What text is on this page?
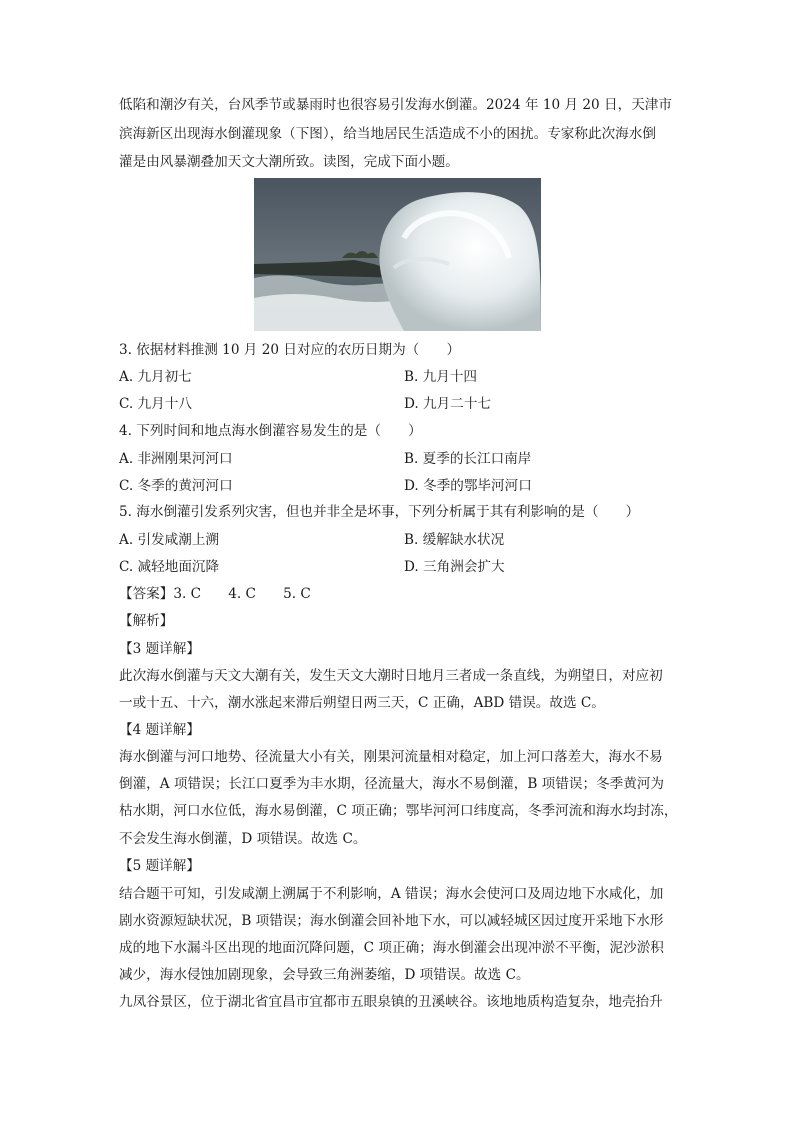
低陷和潮汐有关，台风季节或暴雨时也很容易引发海水倒灌。2024 年 10 月 20 日，天津市
滨海新区出现海水倒灌现象（下图），给当地居民生活造成不小的困扰。专家称此次海水倒
灌是由风暴潮叠加天文大潮所致。读图，完成下面小题。
3. 依据材料推测 10 月 20 日对应的农历日期为（　　）
A. 九月初七	B. 九月十四
C. 九月十八	D. 九月二十七
4. 下列时间和地点海水倒灌容易发生的是（　　）
A. 非洲刚果河河口	B. 夏季的长江口南岸
C. 冬季的黄河河口	D. 冬季的鄂毕河河口
5. 海水倒灌引发系列灾害，但也并非全是坏事，下列分析属于其有利影响的是（　　）
A. 引发咸潮上溯	B. 缓解缺水状况
C. 减轻地面沉降	D. 三角洲会扩大
【答案】3. C　　4. C　　5. C
【解析】
【3 题详解】
此次海水倒灌与天文大潮有关，发生天文大潮时日地月三者成一条直线，为朔望日，对应初
一或十五、十六，潮水涨起来滞后朔望日两三天，C 正确，ABD 错误。故选 C。
【4 题详解】
海水倒灌与河口地势、径流量大小有关，刚果河流量相对稳定，加上河口落差大，海水不易
倒灌，A 项错误；长江口夏季为丰水期，径流量大，海水不易倒灌，B 项错误；冬季黄河为
枯水期，河口水位低，海水易倒灌，C 项正确；鄂毕河河口纬度高，冬季河流和海水均封冻，
不会发生海水倒灌，D 项错误。故选 C。
【5 题详解】
结合题干可知，引发咸潮上溯属于不利影响，A 错误；海水会使河口及周边地下水咸化，加
剧水资源短缺状况，B 项错误；海水倒灌会回补地下水，可以减轻城区因过度开采地下水形
成的地下水漏斗区出现的地面沉降问题，C 项正确；海水倒灌会出现冲淤不平衡，泥沙淤积
减少，海水侵蚀加剧现象，会导致三角洲萎缩，D 项错误。故选 C。
九凤谷景区，位于湖北省宜昌市宜都市五眼泉镇的丑溪峡谷。该地地质构造复杂，地壳抬升
